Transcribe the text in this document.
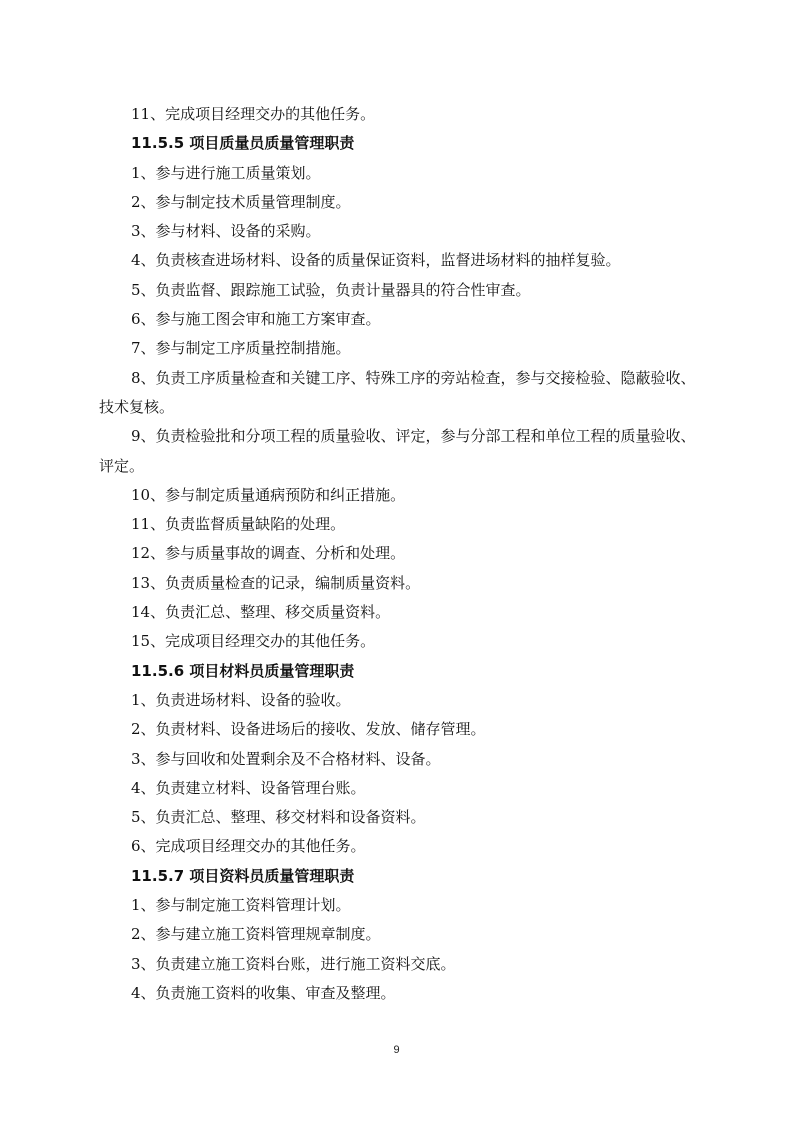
11、完成项目经理交办的其他任务。
11.5.5 项目质量员质量管理职责
1、参与进行施工质量策划。
2、参与制定技术质量管理制度。
3、参与材料、设备的采购。
4、负责核查进场材料、设备的质量保证资料，监督进场材料的抽样复验。
5、负责监督、跟踪施工试验，负责计量器具的符合性审查。
6、参与施工图会审和施工方案审查。
7、参与制定工序质量控制措施。
8、负责工序质量检查和关键工序、特殊工序的旁站检查，参与交接检验、隐蔽验收、
技术复核。
9、负责检验批和分项工程的质量验收、评定，参与分部工程和单位工程的质量验收、
评定。
10、参与制定质量通病预防和纠正措施。
11、负责监督质量缺陷的处理。
12、参与质量事故的调查、分析和处理。
13、负责质量检查的记录，编制质量资料。
14、负责汇总、整理、移交质量资料。
15、完成项目经理交办的其他任务。
11.5.6 项目材料员质量管理职责
1、负责进场材料、设备的验收。
2、负责材料、设备进场后的接收、发放、储存管理。
3、参与回收和处置剩余及不合格材料、设备。
4、负责建立材料、设备管理台账。
5、负责汇总、整理、移交材料和设备资料。
6、完成项目经理交办的其他任务。
11.5.7 项目资料员质量管理职责
1、参与制定施工资料管理计划。
2、参与建立施工资料管理规章制度。
3、负责建立施工资料台账，进行施工资料交底。
4、负责施工资料的收集、审查及整理。
9
